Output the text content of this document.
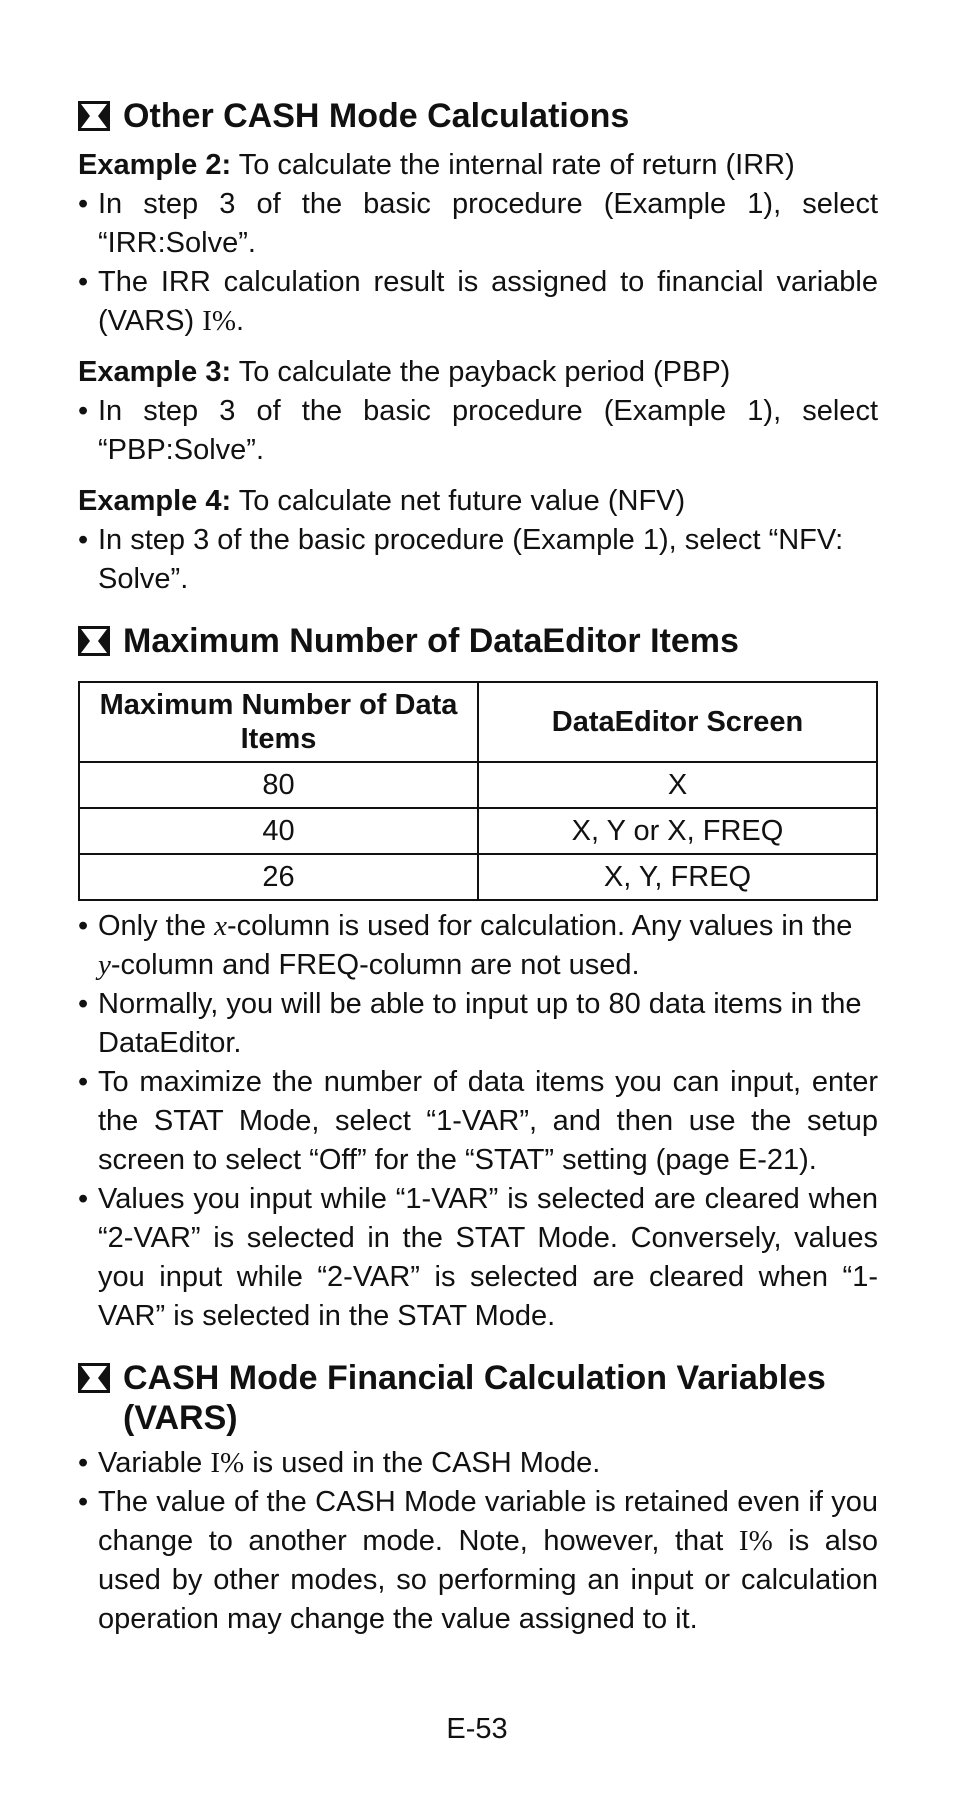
Other CASH Mode Calculations
Example 2: To calculate the internal rate of return (IRR)
• In step 3 of the basic procedure (Example 1), select “IRR:Solve”.
• The IRR calculation result is assigned to financial variable (VARS) I%.
Example 3: To calculate the payback period (PBP)
• In step 3 of the basic procedure (Example 1), select “PBP:Solve”.
Example 4: To calculate net future value (NFV)
• In step 3 of the basic procedure (Example 1), select “NFV: Solve”.
Maximum Number of DataEditor Items
Maximum Number of Data Items	DataEditor Screen
80	X
40	X, Y or X, FREQ
26	X, Y, FREQ
• Only the x-column is used for calculation. Any values in the y-column and FREQ-column are not used.
• Normally, you will be able to input up to 80 data items in the DataEditor.
• To maximize the number of data items you can input, enter the STAT Mode, select “1-VAR”, and then use the setup screen to select “Off” for the “STAT” setting (page E-21).
• Values you input while “1-VAR” is selected are cleared when “2-VAR” is selected in the STAT Mode. Conversely, values you input while “2-VAR” is selected are cleared when “1-VAR” is selected in the STAT Mode.
CASH Mode Financial Calculation Variables (VARS)
• Variable I% is used in the CASH Mode.
• The value of the CASH Mode variable is retained even if you change to another mode. Note, however, that I% is also used by other modes, so performing an input or calculation operation may change the value assigned to it.
E-53
